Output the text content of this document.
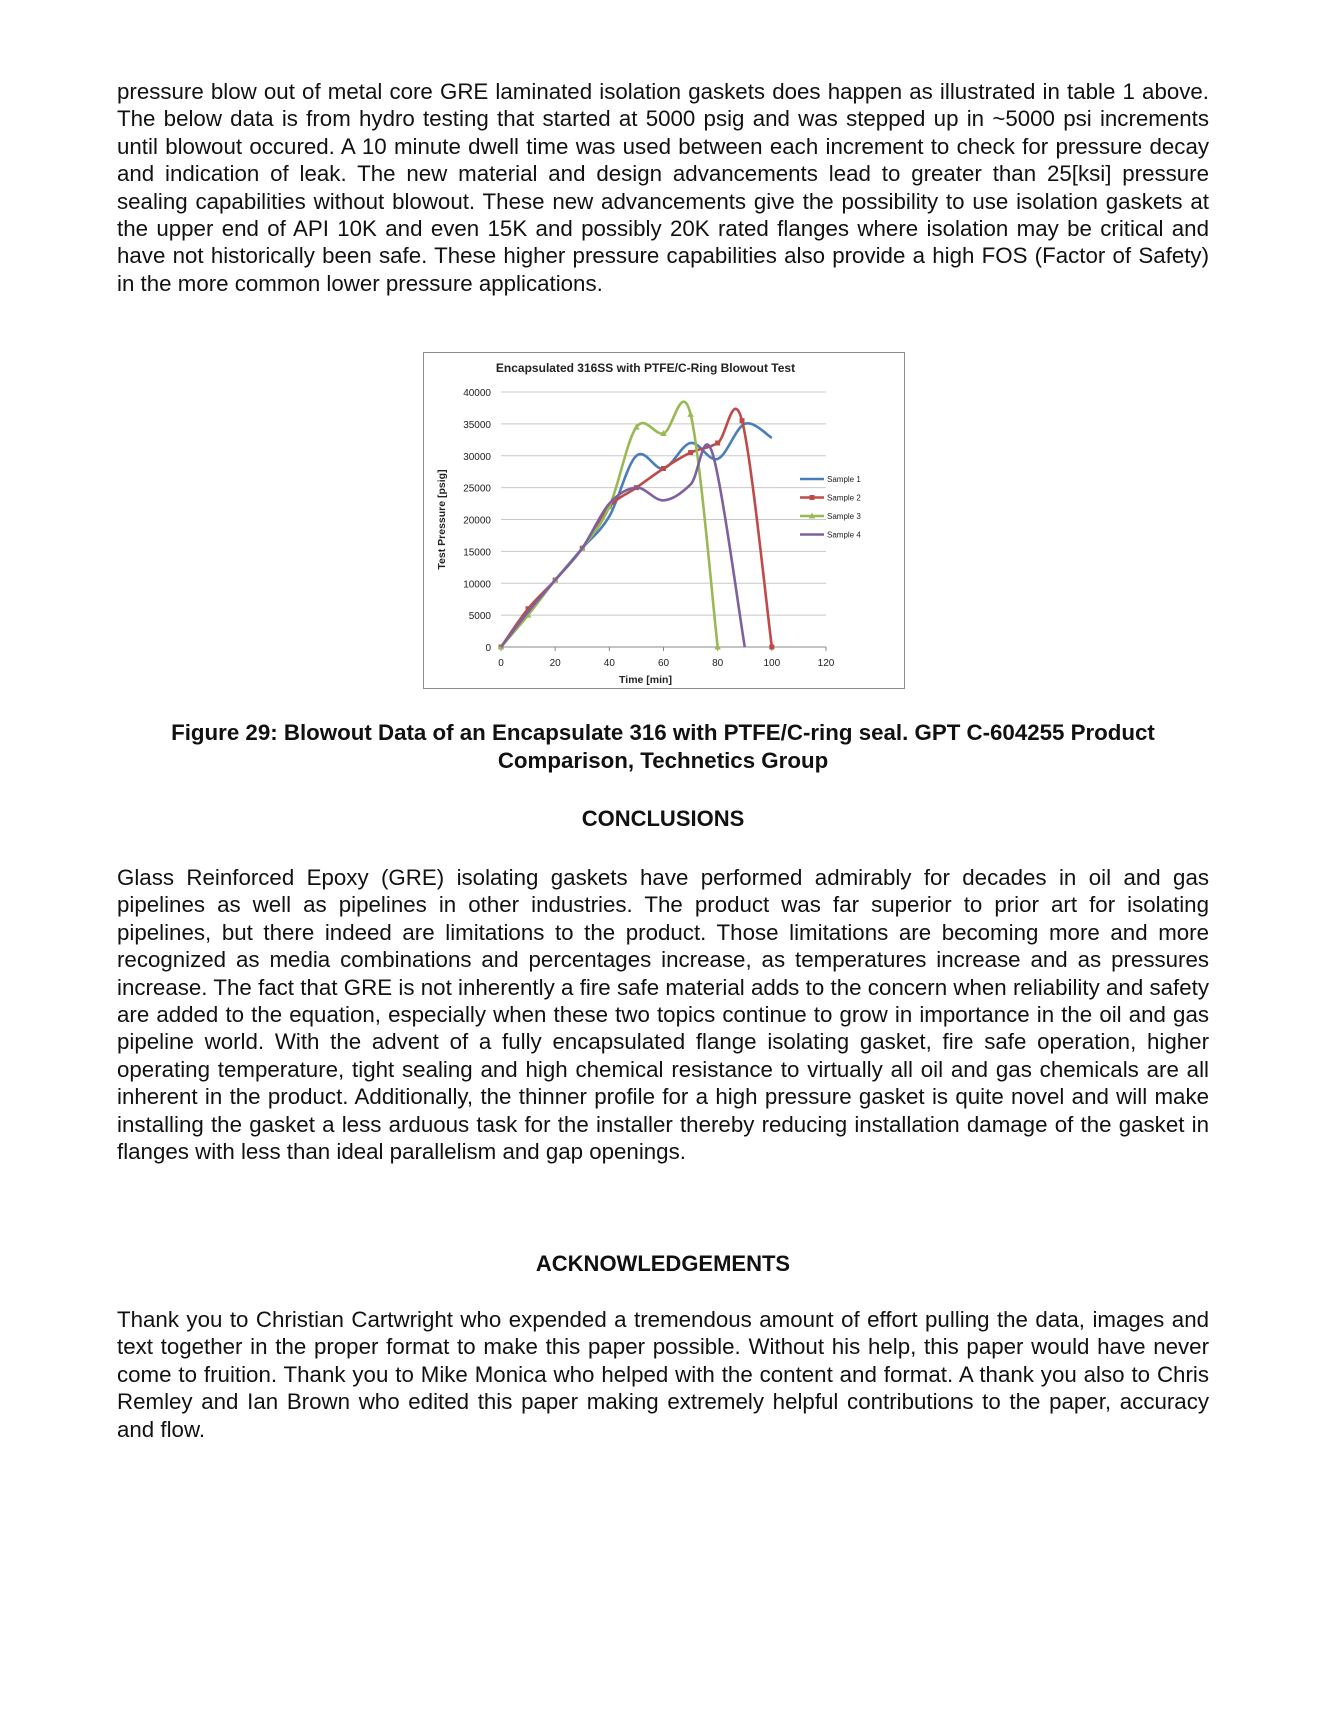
pressure blow out of metal core GRE laminated isolation gaskets does happen as illustrated in table 1 above. The below data is from hydro testing that started at 5000 psig and was stepped up in ~5000 psi increments until blowout occured. A 10 minute dwell time was used between each increment to check for pressure decay and indication of leak. The new material and design advancements lead to greater than 25[ksi] pressure sealing capabilities without blowout. These new advancements give the possibility to use isolation gaskets at the upper end of API 10K and even 15K and possibly 20K rated flanges where isolation may be critical and have not historically been safe. These higher pressure capabilities also provide a high FOS (Factor of Safety) in the more common lower pressure applications.

Encapsulated 316SS with PTFE/C-Ring Blowout Test
0
5000
10000
15000
20000
25000
30000
35000
40000
0	20	40	60	80	100	120
Time [min]
Test Pressure [psig]	Sample 1
Sample 2
Sample 3
Sample 4

Figure 29: Blowout Data of an Encapsulate 316 with PTFE/C-ring seal. GPT C-604255 Product Comparison, Technetics Group

CONCLUSIONS

Glass Reinforced Epoxy (GRE) isolating gaskets have performed admirably for decades in oil and gas pipelines as well as pipelines in other industries. The product was far superior to prior art for isolating pipelines, but there indeed are limitations to the product. Those limitations are becoming more and more recognized as media combinations and percentages increase, as temperatures increase and as pressures increase. The fact that GRE is not inherently a fire safe material adds to the concern when reliability and safety are added to the equation, especially when these two topics continue to grow in importance in the oil and gas pipeline world. With the advent of a fully encapsulated flange isolating gasket, fire safe operation, higher operating temperature, tight sealing and high chemical resistance to virtually all oil and gas chemicals are all inherent in the product. Additionally, the thinner profile for a high pressure gasket is quite novel and will make installing the gasket a less arduous task for the installer thereby reducing installation damage of the gasket in flanges with less than ideal parallelism and gap openings.

ACKNOWLEDGEMENTS

Thank you to Christian Cartwright who expended a tremendous amount of effort pulling the data, images and text together in the proper format to make this paper possible. Without his help, this paper would have never come to fruition. Thank you to Mike Monica who helped with the content and format. A thank you also to Chris Remley and Ian Brown who edited this paper making extremely helpful contributions to the paper, accuracy and flow.
